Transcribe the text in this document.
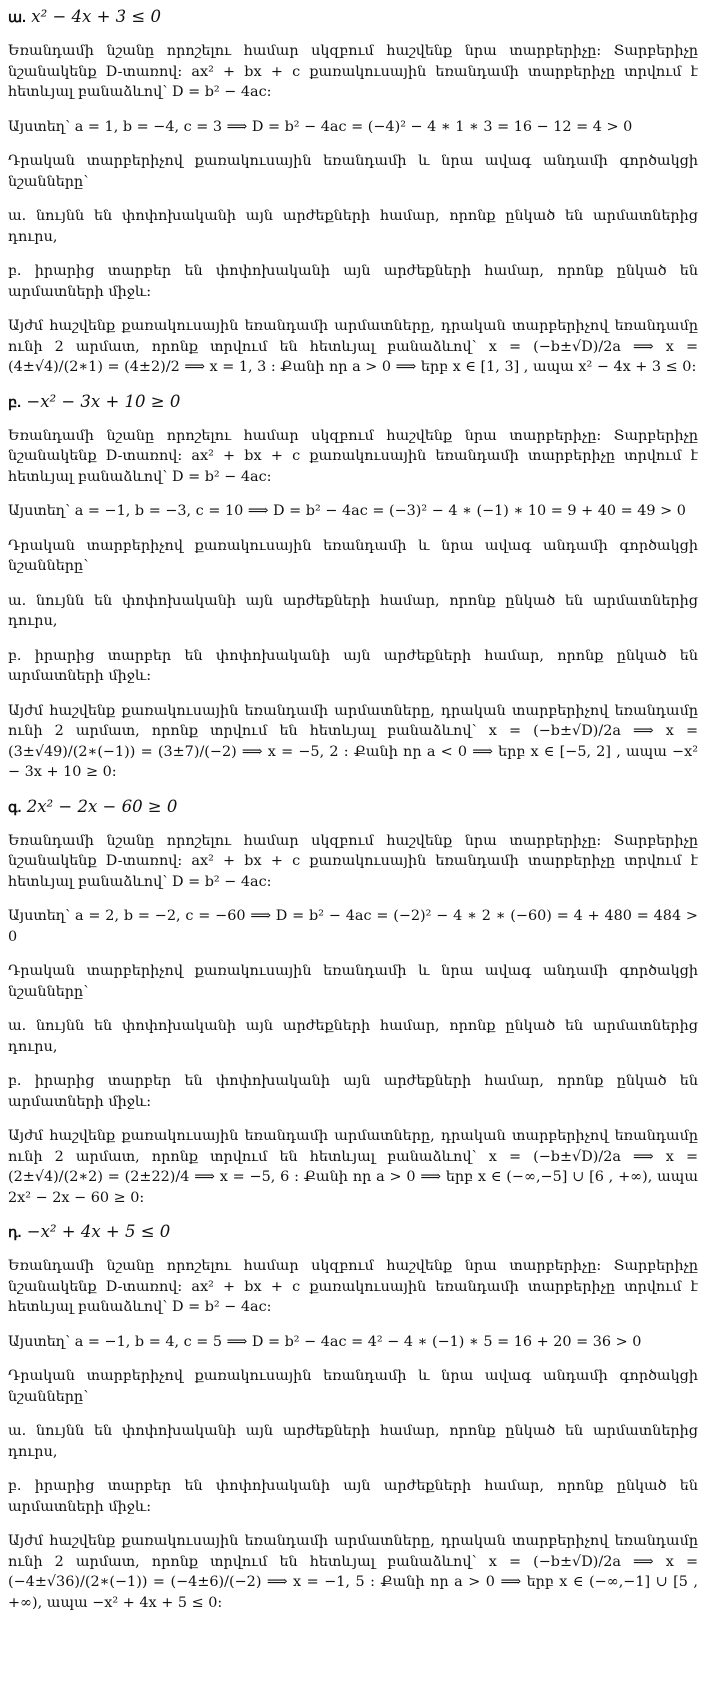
ա. x² − 4x + 3 ≤ 0

Եռանդամի նշանը որոշելու համար սկզբում հաշվենք նրա տարբերիչը: Տարբերիչը նշանակենք D-տառով: ax² + bx + c քառակուսային եռանդամի տարբերիչը տրվում է հետևյալ բանաձևով՝ D = b² − 4ac:

Այստեղ՝ a = 1, b = −4, c = 3 ⟹ D = b² − 4ac = (−4)² − 4 ∗ 1 ∗ 3 = 16 − 12 = 4 > 0

Դրական տարբերիչով քառակուսային եռանդամի և նրա ավագ անդամի գործակցի նշանները՝

ա. նույնն են փոփոխականի այն արժեքների համար, որոնք ընկած են արմատներից դուրս,

բ. իրարից տարբեր են փոփոխականի այն արժեքների համար, որոնք ընկած են արմատների միջև:

Այժմ հաշվենք քառակուսային եռանդամի արմատները, դրական տարբերիչով եռանդամը ունի 2 արմատ, որոնք տրվում են հետևյալ բանաձևով՝ x = (−b±√D)/2a ⟹ x = (4±√4)/(2∗1) = (4±2)/2 ⟹ x = 1, 3 : Քանի որ a > 0 ⟹ երբ x ∈ [1, 3] , ապա x² − 4x + 3 ≤ 0:

բ. −x² − 3x + 10 ≥ 0

Եռանդամի նշանը որոշելու համար սկզբում հաշվենք նրա տարբերիչը: Տարբերիչը նշանակենք D-տառով: ax² + bx + c քառակուսային եռանդամի տարբերիչը տրվում է հետևյալ բանաձևով՝ D = b² − 4ac:

Այստեղ՝ a = −1, b = −3, c = 10 ⟹ D = b² − 4ac = (−3)² − 4 ∗ (−1) ∗ 10 = 9 + 40 = 49 > 0

Դրական տարբերիչով քառակուսային եռանդամի և նրա ավագ անդամի գործակցի նշանները՝

ա. նույնն են փոփոխականի այն արժեքների համար, որոնք ընկած են արմատներից դուրս,

բ. իրարից տարբեր են փոփոխականի այն արժեքների համար, որոնք ընկած են արմատների միջև:

Այժմ հաշվենք քառակուսային եռանդամի արմատները, դրական տարբերիչով եռանդամը ունի 2 արմատ, որոնք տրվում են հետևյալ բանաձևով՝ x = (−b±√D)/2a ⟹ x = (3±√49)/(2∗(−1)) = (3±7)/(−2) ⟹ x = −5, 2 : Քանի որ a < 0 ⟹ երբ x ∈ [−5, 2] , ապա −x² − 3x + 10 ≥ 0:

գ. 2x² − 2x − 60 ≥ 0

Եռանդամի նշանը որոշելու համար սկզբում հաշվենք նրա տարբերիչը: Տարբերիչը նշանակենք D-տառով: ax² + bx + c քառակուսային եռանդամի տարբերիչը տրվում է հետևյալ բանաձևով՝ D = b² − 4ac:

Այստեղ՝ a = 2, b = −2, c = −60 ⟹ D = b² − 4ac = (−2)² − 4 ∗ 2 ∗ (−60) = 4 + 480 = 484 > 0

Դրական տարբերիչով քառակուսային եռանդամի և նրա ավագ անդամի գործակցի նշանները՝

ա. նույնն են փոփոխականի այն արժեքների համար, որոնք ընկած են արմատներից դուրս,

բ. իրարից տարբեր են փոփոխականի այն արժեքների համար, որոնք ընկած են արմատների միջև:

Այժմ հաշվենք քառակուսային եռանդամի արմատները, դրական տարբերիչով եռանդամը ունի 2 արմատ, որոնք տրվում են հետևյալ բանաձևով՝ x = (−b±√D)/2a ⟹ x = (2±√4)/(2∗2) = (2±22)/4 ⟹ x = −5, 6 : Քանի որ a > 0 ⟹ երբ x ∈ (−∞,−5] ∪ [6 , +∞), ապա 2x² − 2x − 60 ≥ 0:

դ. −x² + 4x + 5 ≤ 0

Եռանդամի նշանը որոշելու համար սկզբում հաշվենք նրա տարբերիչը: Տարբերիչը նշանակենք D-տառով: ax² + bx + c քառակուսային եռանդամի տարբերիչը տրվում է հետևյալ բանաձևով՝ D = b² − 4ac:

Այստեղ՝ a = −1, b = 4, c = 5 ⟹ D = b² − 4ac = 4² − 4 ∗ (−1) ∗ 5 = 16 + 20 = 36 > 0

Դրական տարբերիչով քառակուսային եռանդամի և նրա ավագ անդամի գործակցի նշանները՝

ա. նույնն են փոփոխականի այն արժեքների համար, որոնք ընկած են արմատներից դուրս,

բ. իրարից տարբեր են փոփոխականի այն արժեքների համար, որոնք ընկած են արմատների միջև:

Այժմ հաշվենք քառակուսային եռանդամի արմատները, դրական տարբերիչով եռանդամը ունի 2 արմատ, որոնք տրվում են հետևյալ բանաձևով՝ x = (−b±√D)/2a ⟹ x = (−4±√36)/(2∗(−1)) = (−4±6)/(−2) ⟹ x = −1, 5 : Քանի որ a > 0 ⟹ երբ x ∈ (−∞,−1] ∪ [5 , +∞), ապա −x² + 4x + 5 ≤ 0:
